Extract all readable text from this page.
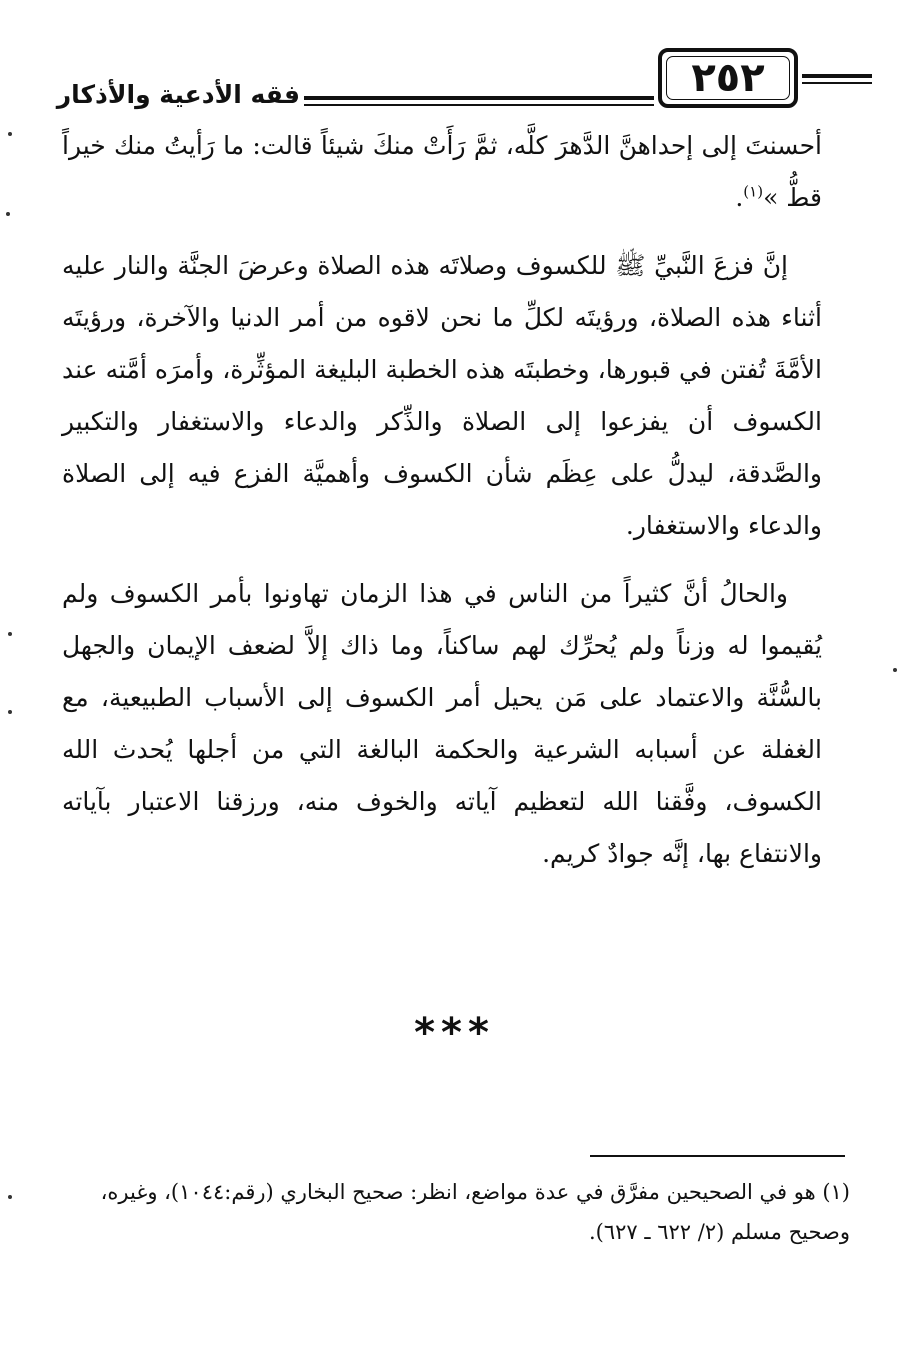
فقه الأدعية والأذكار	٢٥٢

أحسنتَ إلى إحداهنَّ الدَّهرَ كلَّه، ثمَّ رَأَتْ منكَ شيئاً قالت: ما رَأيتُ منك خيراً قطُّ »$^{(١)}$.

إنَّ فزعَ النَّبيِّ ﷺ للكسوف وصلاتَه هذه الصلاة وعرضَ الجنَّة والنار عليه أثناء هذه الصلاة، ورؤيتَه لكلِّ ما نحن لاقوه من أمر الدنيا والآخرة، ورؤيتَه الأمَّةَ تُفتن في قبورها، وخطبتَه هذه الخطبة البليغة المؤثِّرة، وأمرَه أمَّته عند الكسوف أن يفزعوا إلى الصلاة والذِّكر والدعاء والاستغفار والتكبير والصَّدقة، ليدلُّ على عِظَم شأن الكسوف وأهميَّة الفزع فيه إلى الصلاة والدعاء والاستغفار.

والحالُ أنَّ كثيراً من الناس في هذا الزمان تهاونوا بأمر الكسوف ولم يُقيموا له وزناً ولم يُحرِّك لهم ساكناً، وما ذاك إلاَّ لضعف الإيمان والجهل بالسُّنَّة والاعتماد على مَن يحيل أمر الكسوف إلى الأسباب الطبيعية، مع الغفلة عن أسبابه الشرعية والحكمة البالغة التي من أجلها يُحدث الله الكسوف، وفَّقنا الله لتعظيم آياته والخوف منه، ورزقنا الاعتبار بآياته والانتفاع بها، إنَّه جوادٌ كريم.

***

(١) هو في الصحيحين مفرَّق في عدة مواضع، انظر: صحيح البخاري (رقم:١٠٤٤)، وغيره،

وصحيح مسلم (٢/ ٦٢٢ ـ ٦٢٧).
